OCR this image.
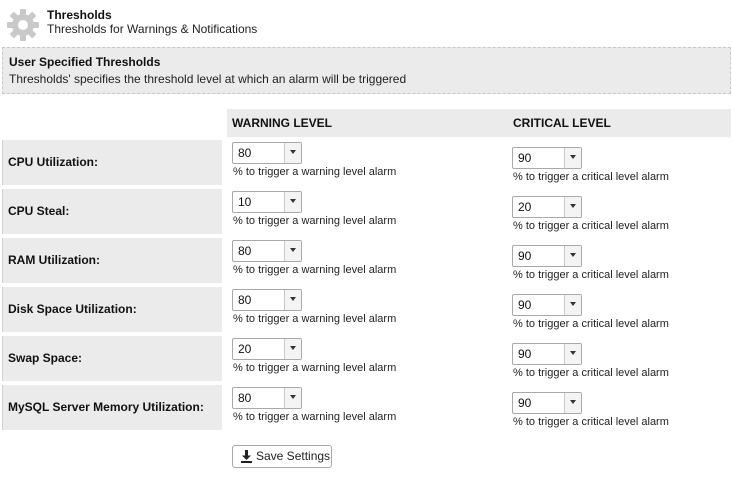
Thresholds
Thresholds for Warnings & Notifications
User Specified Thresholds
Thresholds' specifies the threshold level at which an alarm will be triggered
WARNING LEVEL	CRITICAL LEVEL
CPU Utilization:
80
% to trigger a warning level alarm
90
% to trigger a critical level alarm
CPU Steal:
10
% to trigger a warning level alarm
20
% to trigger a critical level alarm
RAM Utilization:
80
% to trigger a warning level alarm
90
% to trigger a critical level alarm
Disk Space Utilization:
80
% to trigger a warning level alarm
90
% to trigger a critical level alarm
Swap Space:
20
% to trigger a warning level alarm
90
% to trigger a critical level alarm
MySQL Server Memory Utilization:
80
% to trigger a warning level alarm
90
% to trigger a critical level alarm
Save Settings
